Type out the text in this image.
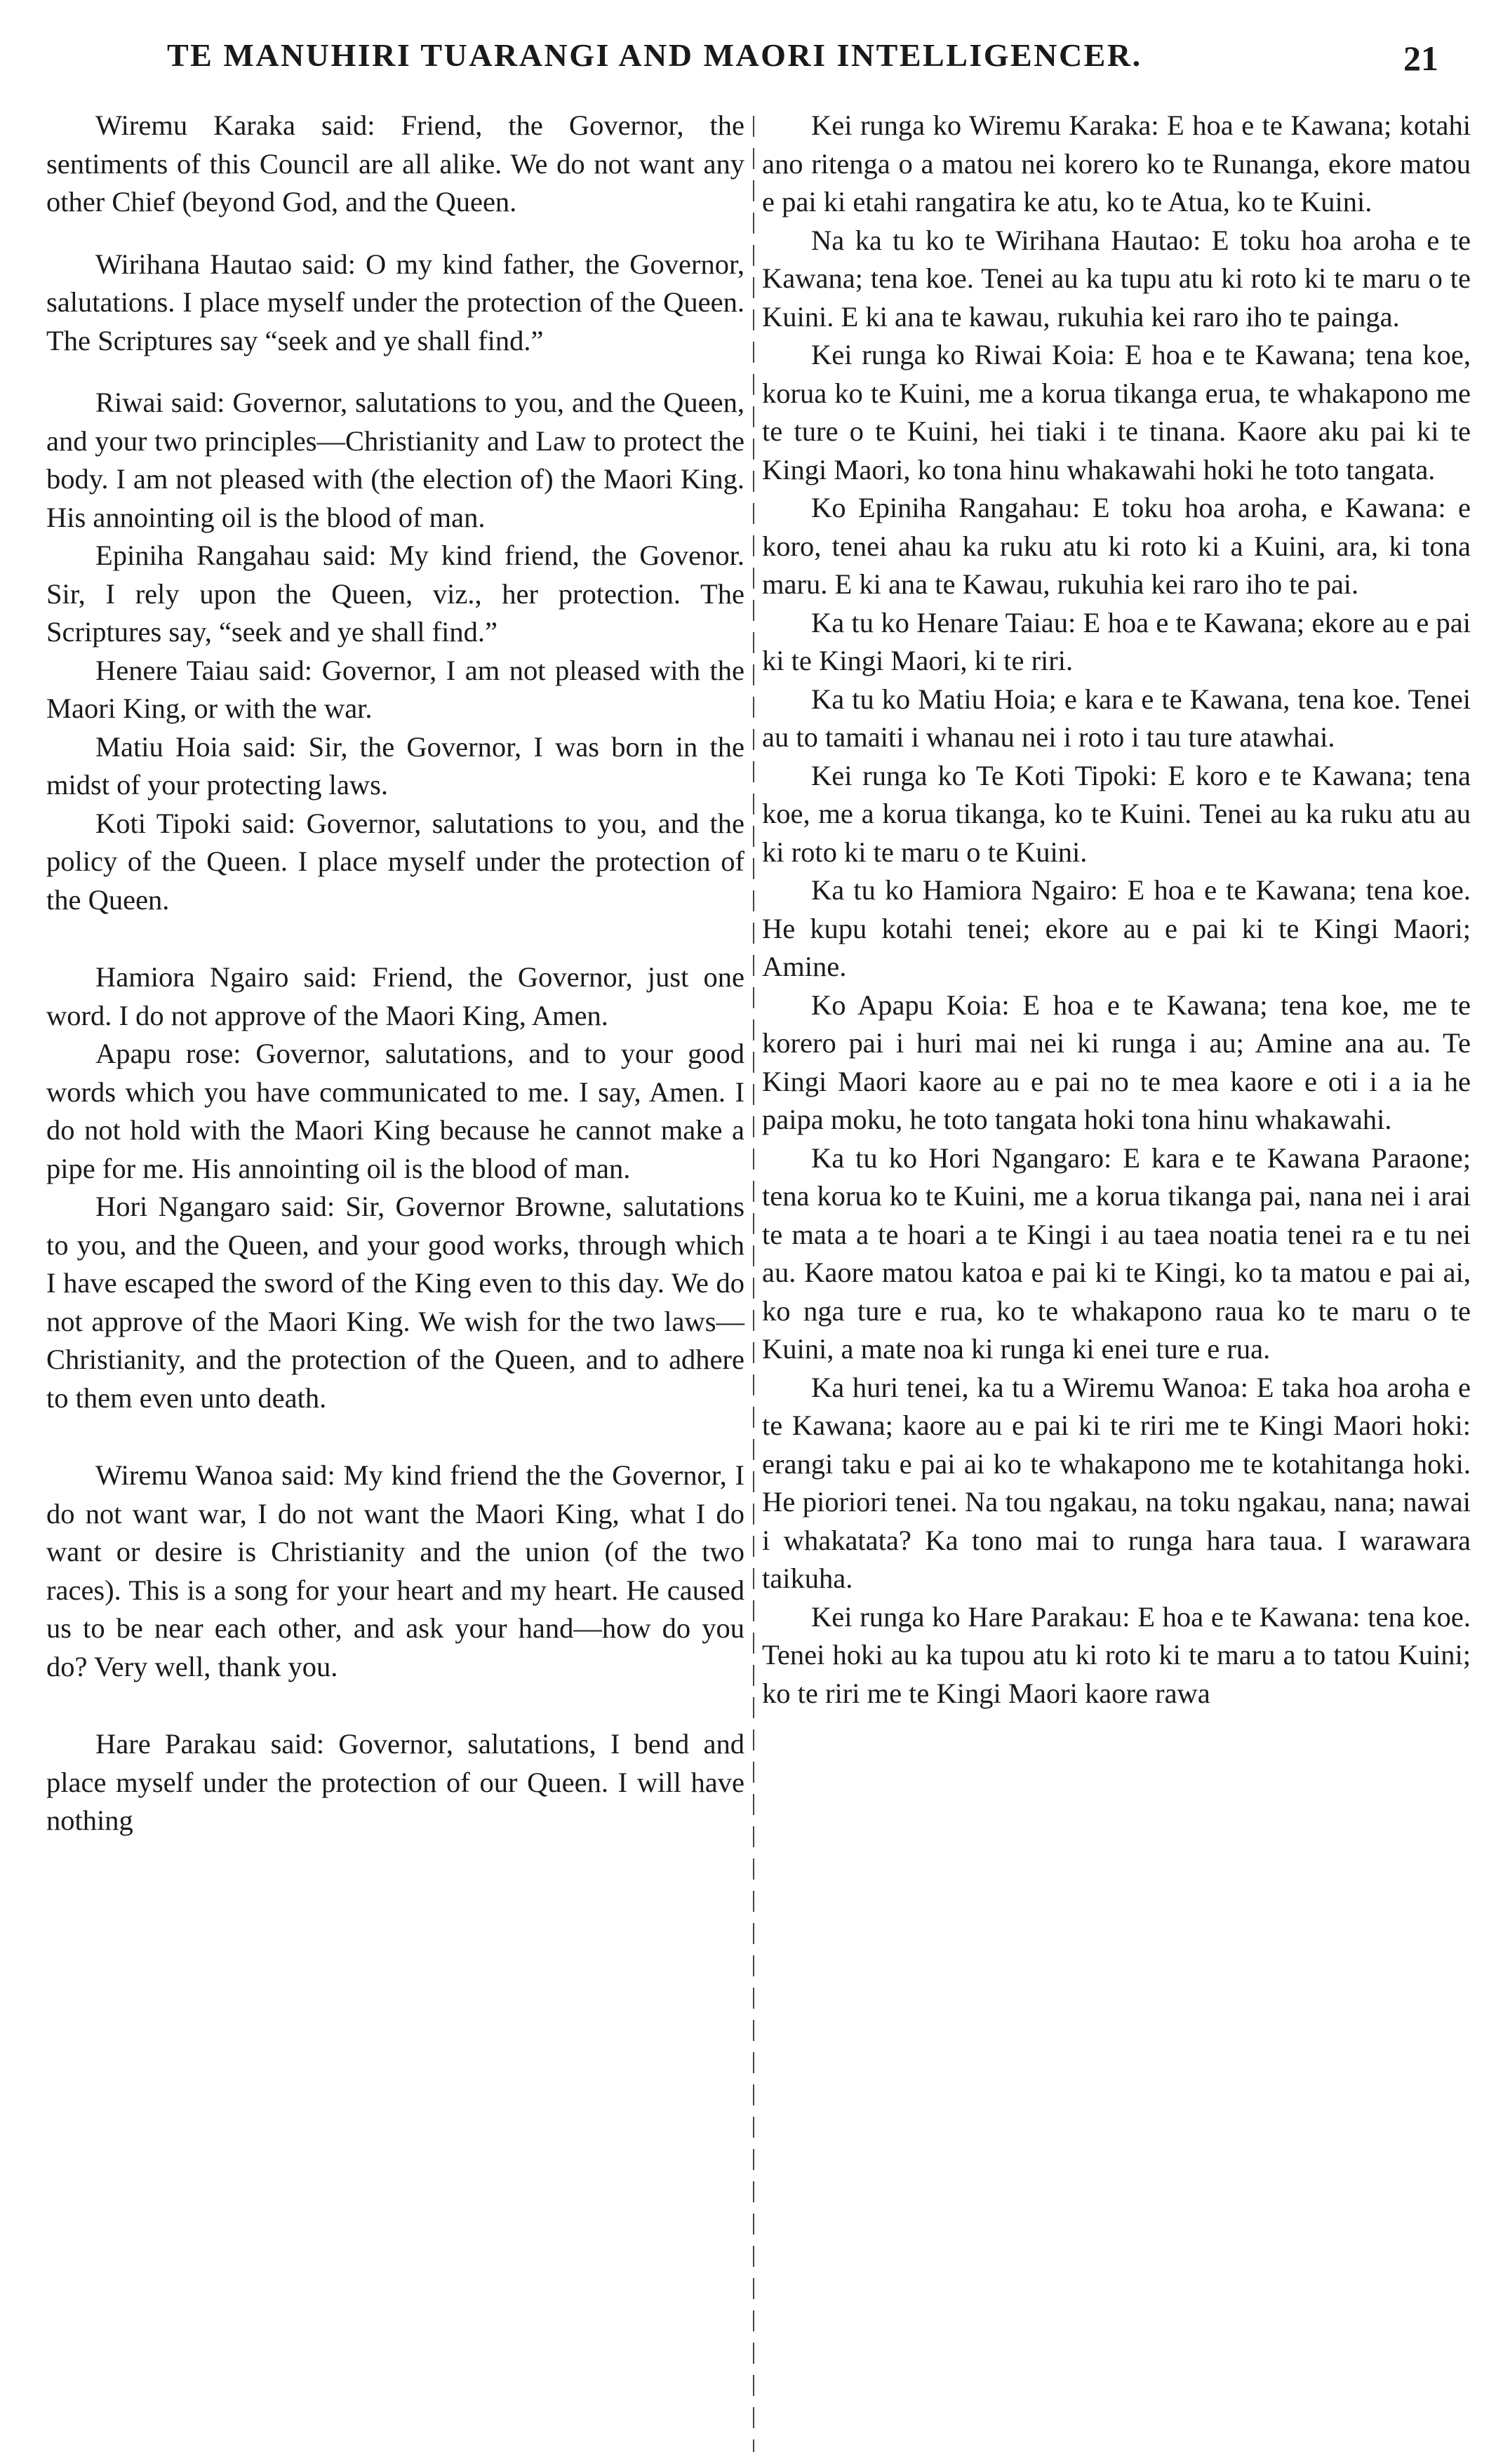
TE MANUHIRI TUARANGI AND MAORI INTELLIGENCER.	21

Wiremu Karaka said: Friend, the Governor, the sentiments of this Council are all alike. We do not want any other Chief (beyond God, and the Queen.

Wirihana Hautao said: O my kind father, the Governor, salutations. I place myself under the protection of the Queen. The Scriptures say “seek and ye shall find.”

Riwai said: Governor, salutations to you, and the Queen, and your two principles—Christianity and Law to protect the body. I am not pleased with (the election of) the Maori King. His annointing oil is the blood of man.

Epiniha Rangahau said: My kind friend, the Govenor. Sir, I rely upon the Queen, viz., her protection. The Scriptures say, “seek and ye shall find.”

Henere Taiau said: Governor, I am not pleased with the Maori King, or with the war.

Matiu Hoia said: Sir, the Governor, I was born in the midst of your protecting laws.

Koti Tipoki said: Governor, salutations to you, and the policy of the Queen. I place myself under the protection of the Queen.

Hamiora Ngairo said: Friend, the Governor, just one word. I do not approve of the Maori King, Amen.

Apapu rose: Governor, salutations, and to your good words which you have communicated to me. I say, Amen. I do not hold with the Maori King because he cannot make a pipe for me. His annointing oil is the blood of man.

Hori Ngangaro said: Sir, Governor Browne, salutations to you, and the Queen, and your good works, through which I have escaped the sword of the King even to this day. We do not approve of the Maori King. We wish for the two laws—Christianity, and the protection of the Queen, and to adhere to them even unto death.

Wiremu Wanoa said: My kind friend the the Governor, I do not want war, I do not want the Maori King, what I do want or desire is Christianity and the union (of the two races). This is a song for your heart and my heart. He caused us to be near each other, and ask your hand—how do you do? Very well, thank you.

Hare Parakau said: Governor, salutations, I bend and place myself under the protection of our Queen. I will have nothing

Kei runga ko Wiremu Karaka: E hoa e te Kawana; kotahi ano ritenga o a matou nei korero ko te Runanga, ekore matou e pai ki etahi rangatira ke atu, ko te Atua, ko te Kuini.

Na ka tu ko te Wirihana Hautao: E toku hoa aroha e te Kawana; tena koe. Tenei au ka tupu atu ki roto ki te maru o te Kuini. E ki ana te kawau, rukuhia kei raro iho te painga.

Kei runga ko Riwai Koia: E hoa e te Kawana; tena koe, korua ko te Kuini, me a korua tikanga erua, te whakapono me te ture o te Kuini, hei tiaki i te tinana. Kaore aku pai ki te Kingi Maori, ko tona hinu whakawahi hoki he toto tangata.

Ko Epiniha Rangahau: E toku hoa aroha, e Kawana: e koro, tenei ahau ka ruku atu ki roto ki a Kuini, ara, ki tona maru. E ki ana te Kawau, rukuhia kei raro iho te pai.

Ka tu ko Henare Taiau: E hoa e te Kawana; ekore au e pai ki te Kingi Maori, ki te riri.

Ka tu ko Matiu Hoia; e kara e te Kawana, tena koe. Tenei au to tamaiti i whanau nei i roto i tau ture atawhai.

Kei runga ko Te Koti Tipoki: E koro e te Kawana; tena koe, me a korua tikanga, ko te Kuini. Tenei au ka ruku atu au ki roto ki te maru o te Kuini.

Ka tu ko Hamiora Ngairo: E hoa e te Kawana; tena koe. He kupu kotahi tenei; ekore au e pai ki te Kingi Maori; Amine.

Ko Apapu Koia: E hoa e te Kawana; tena koe, me te korero pai i huri mai nei ki runga i au; Amine ana au. Te Kingi Maori kaore au e pai no te mea kaore e oti i a ia he paipa moku, he toto tangata hoki tona hinu whakawahi.

Ka tu ko Hori Ngangaro: E kara e te Kawana Paraone; tena korua ko te Kuini, me a korua tikanga pai, nana nei i arai te mata a te hoari a te Kingi i au taea noatia tenei ra e tu nei au. Kaore matou katoa e pai ki te Kingi, ko ta matou e pai ai, ko nga ture e rua, ko te whakapono raua ko te maru o te Kuini, a mate noa ki runga ki enei ture e rua.

Ka huri tenei, ka tu a Wiremu Wanoa: E taka hoa aroha e te Kawana; kaore au e pai ki te riri me te Kingi Maori hoki: erangi taku e pai ai ko te whakapono me te kotahitanga hoki. He pioriori tenei. Na tou ngakau, na toku ngakau, nana; nawai i whakatata? Ka tono mai to runga hara taua. I warawara taikuha.

Kei runga ko Hare Parakau: E hoa e te Kawana: tena koe. Tenei hoki au ka tupou atu ki roto ki te maru a to tatou Kuini; ko te riri me te Kingi Maori kaore rawa
